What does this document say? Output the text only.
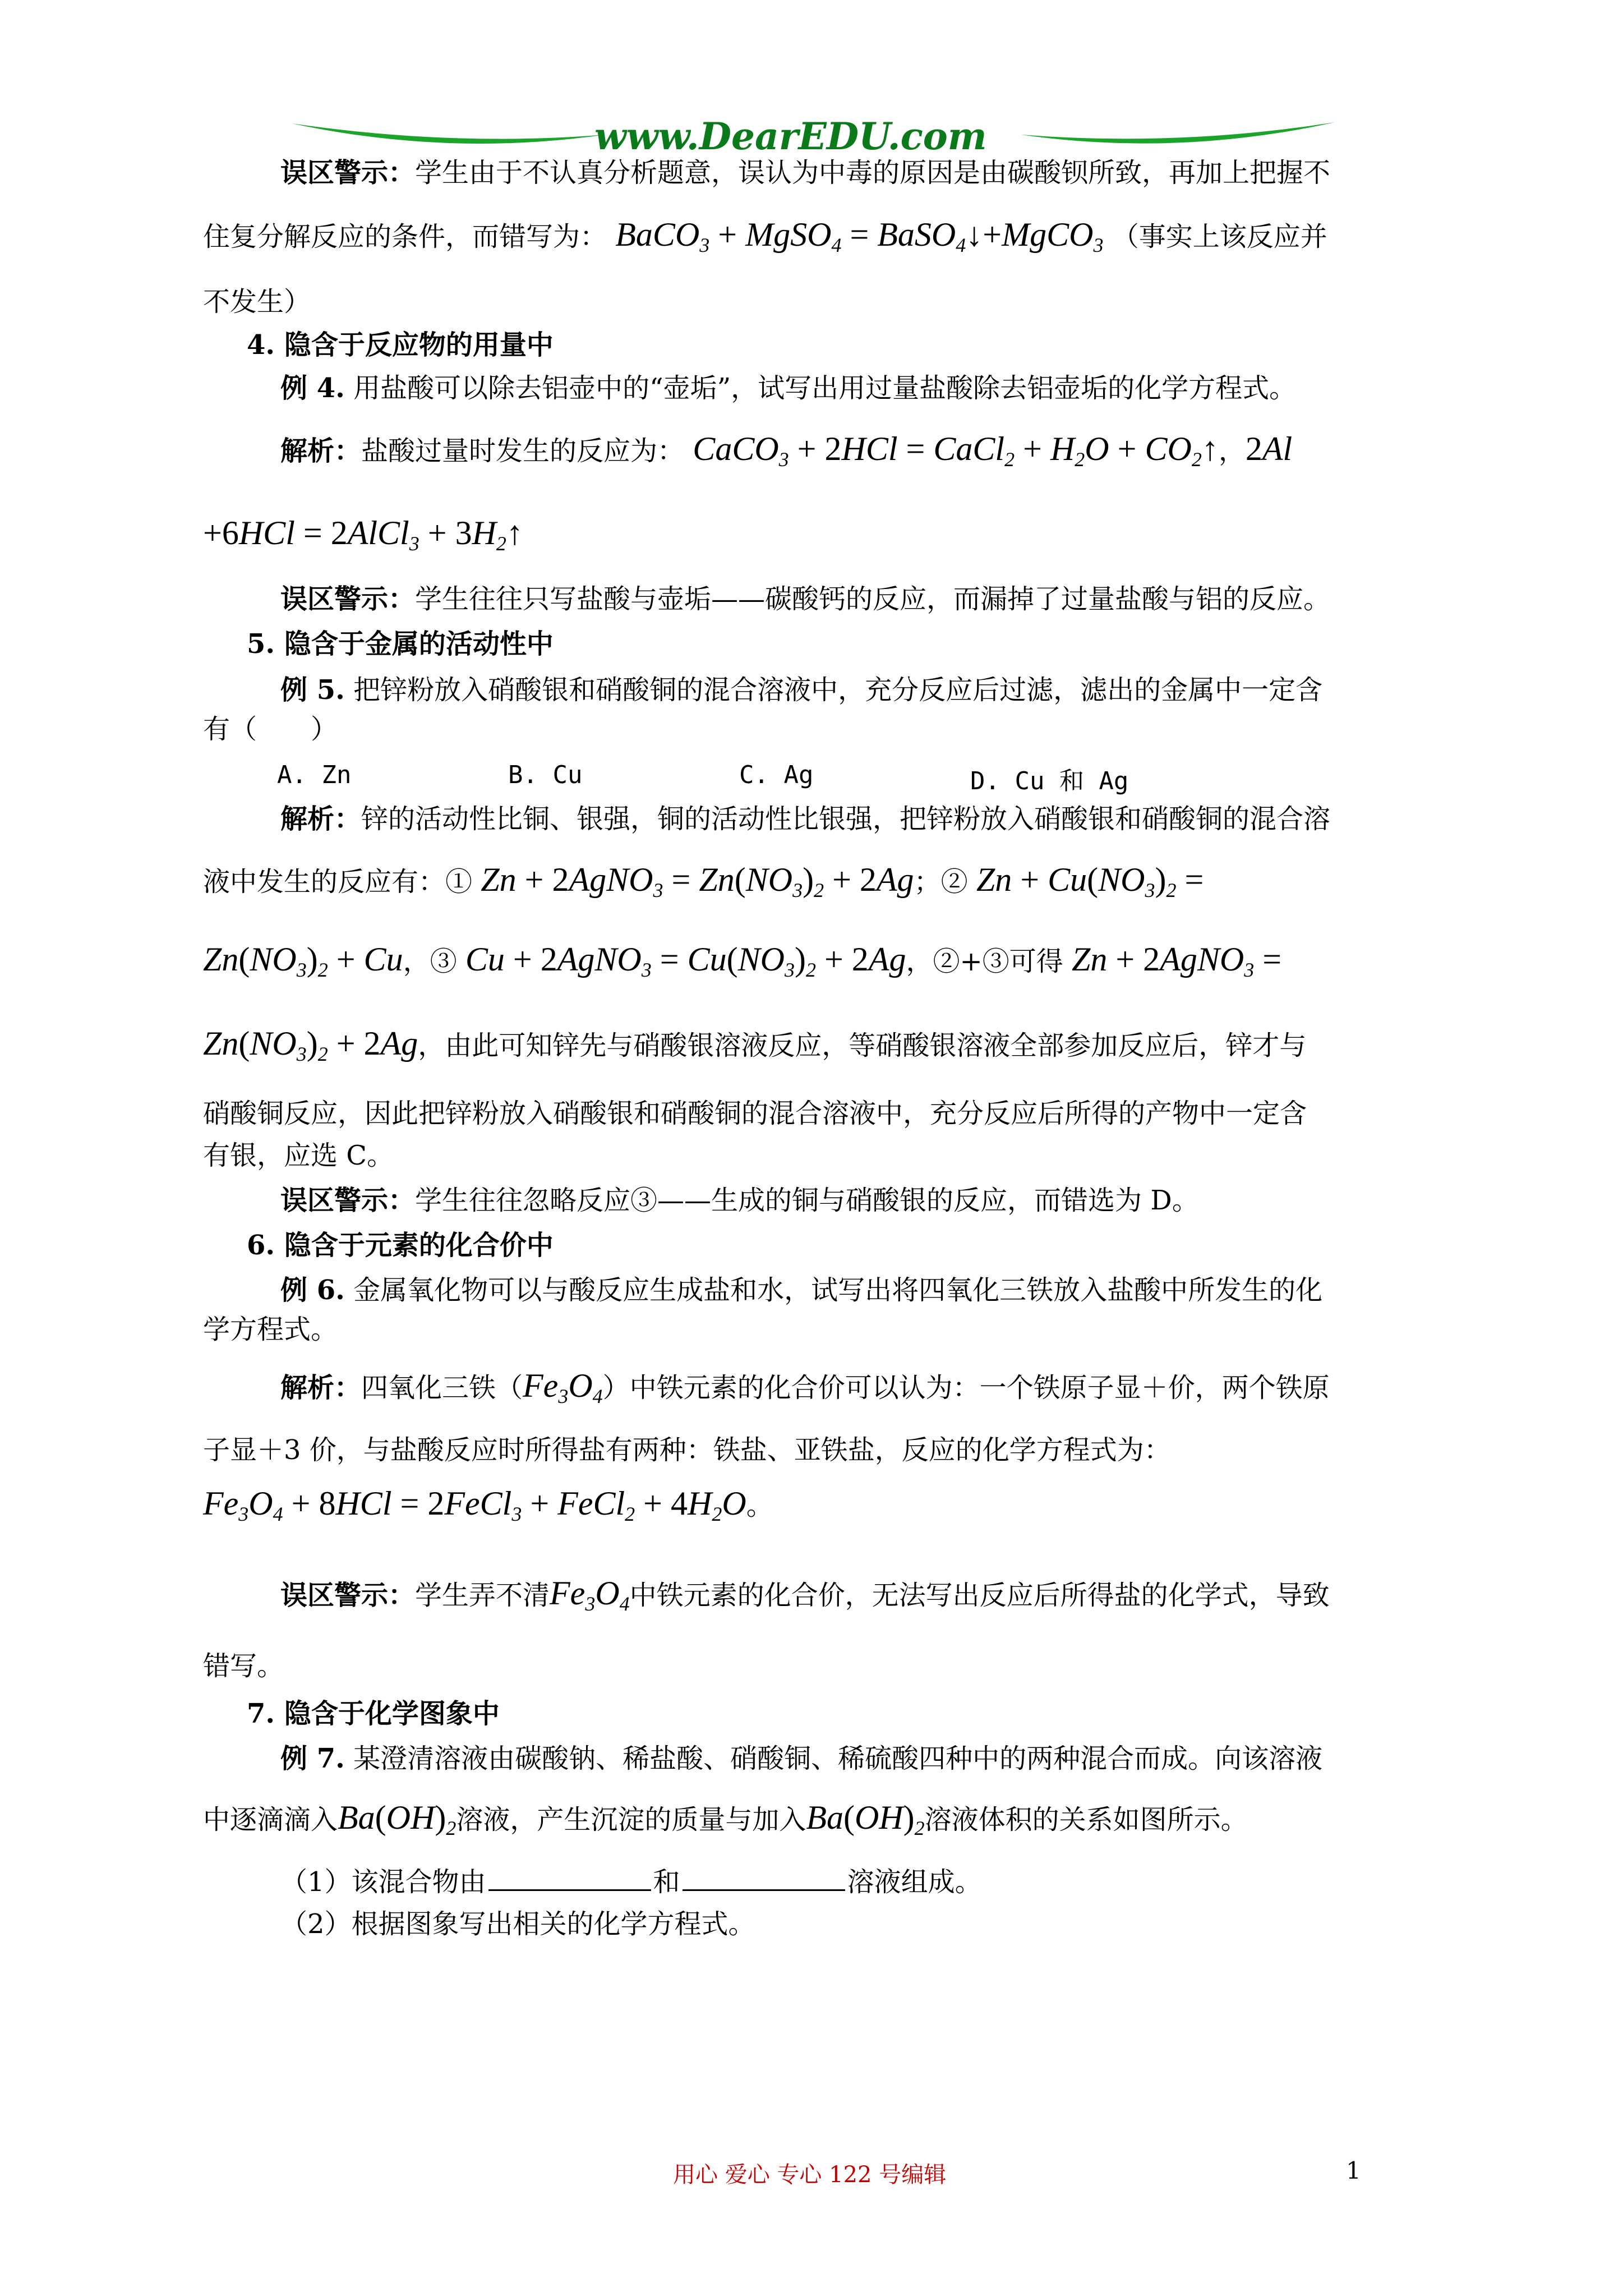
www.DearEDU.com
误区警示：学生由于不认真分析题意，误认为中毒的原因是由碳酸钡所致，再加上把握不
住复分解反应的条件，而错写为： BaCO$_3$ + MgSO$_4$ = BaSO$_4$↓+MgCO$_3$ （事实上该反应并
不发生）
4. 隐含于反应物的用量中
例 4. 用盐酸可以除去铝壶中的“壶垢”，试写出用过量盐酸除去铝壶垢的化学方程式。
解析：盐酸过量时发生的反应为： CaCO$_3$ + 2HCl = CaCl$_2$ + $H_2O$ + $CO_2↑$，2Al
+6HCl = 2AlCl$_3$ + $3H_2↑$
误区警示：学生往往只写盐酸与壶垢——碳酸钙的反应，而漏掉了过量盐酸与铝的反应。
5. 隐含于金属的活动性中
例 5. 把锌粉放入硝酸银和硝酸铜的混合溶液中，充分反应后过滤，滤出的金属中一定含
有（　　）
A. Zn	B. Cu	C. Ag	D. Cu 和 Ag
解析：锌的活动性比铜、银强，铜的活动性比银强，把锌粉放入硝酸银和硝酸铜的混合溶
液中发生的反应有：① Zn + 2AgNO$_3$ = $Zn(NO_3)_2 + 2Ag$；② $Zn + Cu(NO_3)_2$ =
$Zn(NO_3)_2 + Cu$，③ Cu + 2AgNO$_3$ = $Cu(NO_3)_2 + 2Ag$，②+③可得 Zn + 2AgNO$_3$ =
$Zn(NO_3)_2 + 2Ag$，由此可知锌先与硝酸银溶液反应，等硝酸银溶液全部参加反应后，锌才与
硝酸铜反应，因此把锌粉放入硝酸银和硝酸铜的混合溶液中，充分反应后所得的产物中一定含
有银，应选 C。
误区警示：学生往往忽略反应③——生成的铜与硝酸银的反应，而错选为 D。
6. 隐含于元素的化合价中
例 6. 金属氧化物可以与酸反应生成盐和水，试写出将四氧化三铁放入盐酸中所发生的化
学方程式。
解析：四氧化三铁$(Fe_3O_4)$中铁元素的化合价可以认为：一个铁原子显＋价，两个铁原
子显＋3 价，与盐酸反应时所得盐有两种：铁盐、亚铁盐，反应的化学方程式为：
$Fe_3O_4 + 8HCl$ = 2FeCl$_3$ + FeCl$_2$ + $4H_2O$。
误区警示：学生弄不清$Fe_3O_4$中铁元素的化合价，无法写出反应后所得盐的化学式，导致
错写。
7. 隐含于化学图象中
例 7. 某澄清溶液由碳酸钠、稀盐酸、硝酸铜、稀硫酸四种中的两种混合而成。向该溶液
中逐滴滴入$Ba(OH)_2$溶液，产生沉淀的质量与加入$Ba(OH)_2$溶液体积的关系如图所示。
（1）该混合物由	和	溶液组成。
（2）根据图象写出相关的化学方程式。
用心 爱心 专心 122 号编辑	1
